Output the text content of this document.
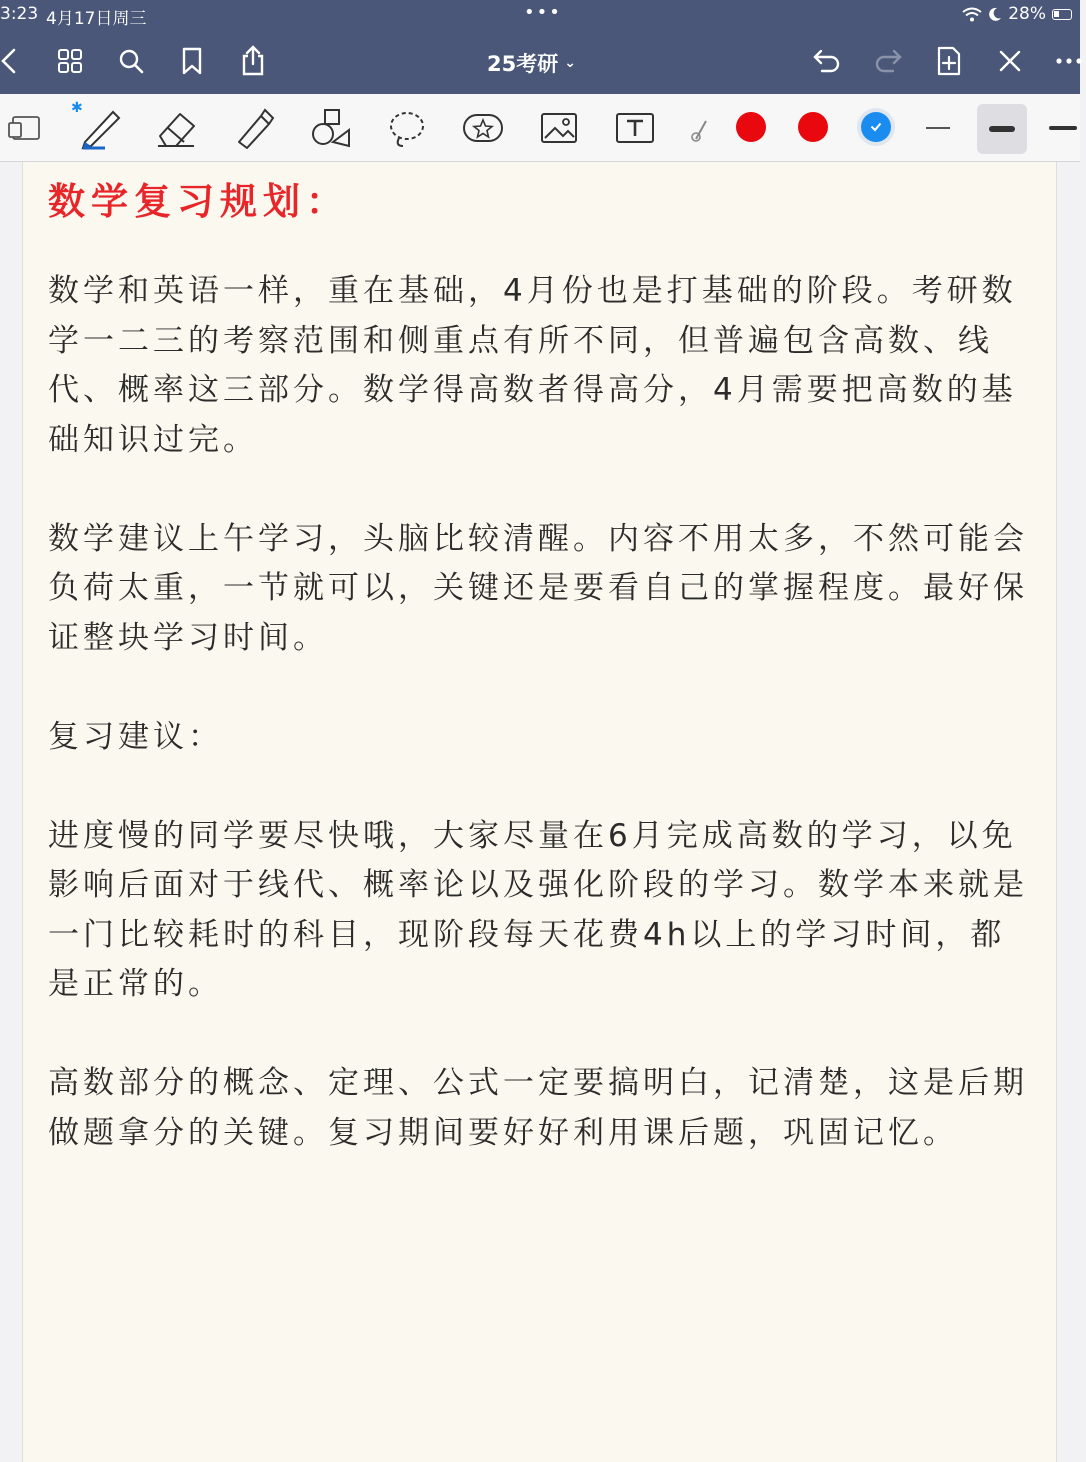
3:23 4月17日周三	•••	28%
25考研 ⌄
✱
数学复习规划：
数学和英语一样，重在基础，4月份也是打基础的阶段。考研数学一二三的考察范围和侧重点有所不同，但普遍包含高数、线代、概率这三部分。数学得高数者得高分，4月需要把高数的基础知识过完。
数学建议上午学习，头脑比较清醒。内容不用太多，不然可能会负荷太重，一节就可以，关键还是要看自己的掌握程度。最好保证整块学习时间。
复习建议：
进度慢的同学要尽快哦，大家尽量在6月完成高数的学习，以免影响后面对于线代、概率论以及强化阶段的学习。数学本来就是一门比较耗时的科目，现阶段每天花费4h以上的学习时间，都是正常的。
高数部分的概念、定理、公式一定要搞明白，记清楚，这是后期做题拿分的关键。复习期间要好好利用课后题，巩固记忆。
